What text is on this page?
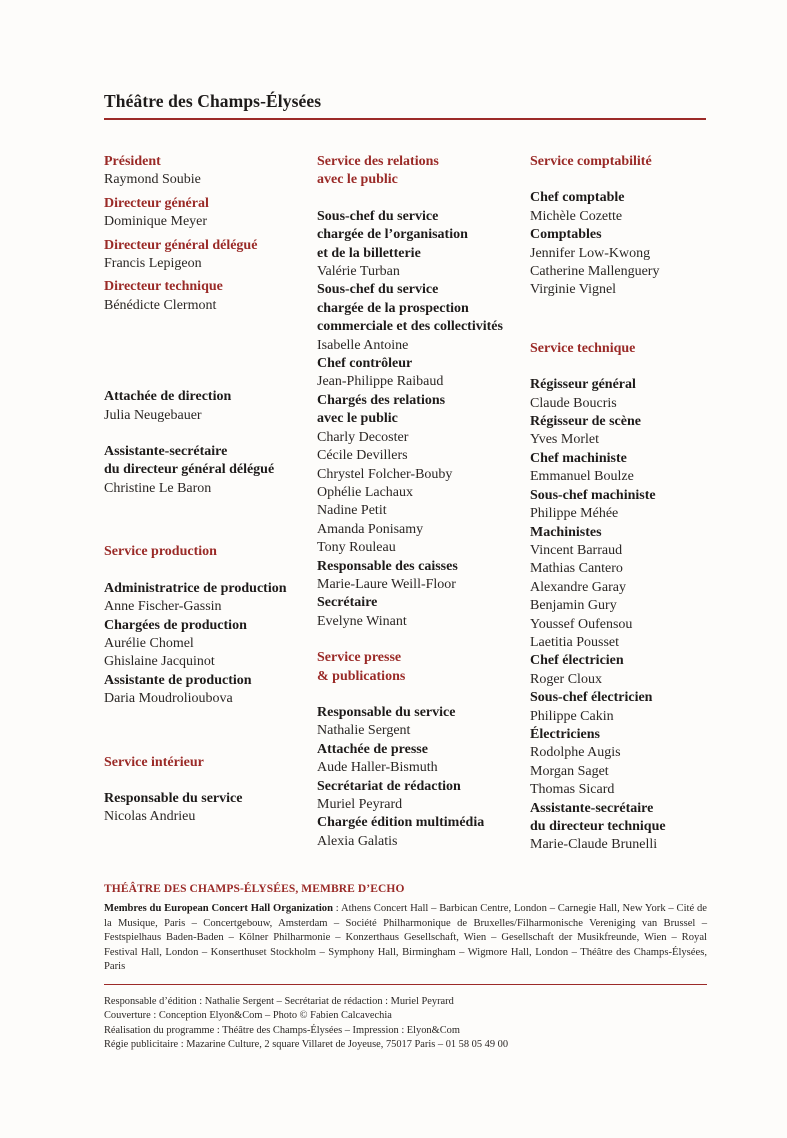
Théâtre des Champs-Élysées
Président
Raymond Soubie
Directeur général
Dominique Meyer
Directeur général délégué
Francis Lepigeon
Directeur technique
Bénédicte Clermont
Attachée de direction
Julia Neugebauer
Assistante-secrétaire
du directeur général délégué
Christine Le Baron
Service production
Administratrice de production
Anne Fischer-Gassin
Chargées de production
Aurélie Chomel
Ghislaine Jacquinot
Assistante de production
Daria Moudrolioubova
Service intérieur
Responsable du service
Nicolas Andrieu
Service des relations
avec le public
Sous-chef du service
chargée de l’organisation
et de la billetterie
Valérie Turban
Sous-chef du service
chargée de la prospection
commerciale et des collectivités
Isabelle Antoine
Chef contrôleur
Jean-Philippe Raibaud
Chargés des relations
avec le public
Charly Decoster
Cécile Devillers
Chrystel Folcher-Bouby
Ophélie Lachaux
Nadine Petit
Amanda Ponisamy
Tony Rouleau
Responsable des caisses
Marie-Laure Weill-Floor
Secrétaire
Evelyne Winant
Service presse
& publications
Responsable du service
Nathalie Sergent
Attachée de presse
Aude Haller-Bismuth
Secrétariat de rédaction
Muriel Peyrard
Chargée édition multimédia
Alexia Galatis
Service comptabilité
Chef comptable
Michèle Cozette
Comptables
Jennifer Low-Kwong
Catherine Mallenguery
Virginie Vignel
Service technique
Régisseur général
Claude Boucris
Régisseur de scène
Yves Morlet
Chef machiniste
Emmanuel Boulze
Sous-chef machiniste
Philippe Méhée
Machinistes
Vincent Barraud
Mathias Cantero
Alexandre Garay
Benjamin Gury
Youssef Oufensou
Laetitia Pousset
Chef électricien
Roger Cloux
Sous-chef électricien
Philippe Cakin
Électriciens
Rodolphe Augis
Morgan Saget
Thomas Sicard
Assistante-secrétaire
du directeur technique
Marie-Claude Brunelli
THÉÂTRE DES CHAMPS-ÉLYSÉES, MEMBRE D’ECHO
Membres du European Concert Hall Organization : Athens Concert Hall – Barbican Centre, London – Carnegie Hall, New York – Cité de la Musique, Paris – Concertgebouw, Amsterdam – Société Philharmonique de Bruxelles/Filharmonische Vereniging van Brussel – Festspielhaus Baden-Baden – Kölner Philharmonie – Konzerthaus Gesellschaft, Wien – Gesellschaft der Musikfreunde, Wien – Royal Festival Hall, London – Konserthuset Stockholm – Symphony Hall, Birmingham – Wigmore Hall, London – Théâtre des Champs-Élysées, Paris
Responsable d’édition : Nathalie Sergent – Secrétariat de rédaction : Muriel Peyrard
Couverture : Conception Elyon&Com – Photo © Fabien Calcavechia
Réalisation du programme : Théâtre des Champs-Élysées – Impression : Elyon&Com
Régie publicitaire : Mazarine Culture, 2 square Villaret de Joyeuse, 75017 Paris – 01 58 05 49 00
